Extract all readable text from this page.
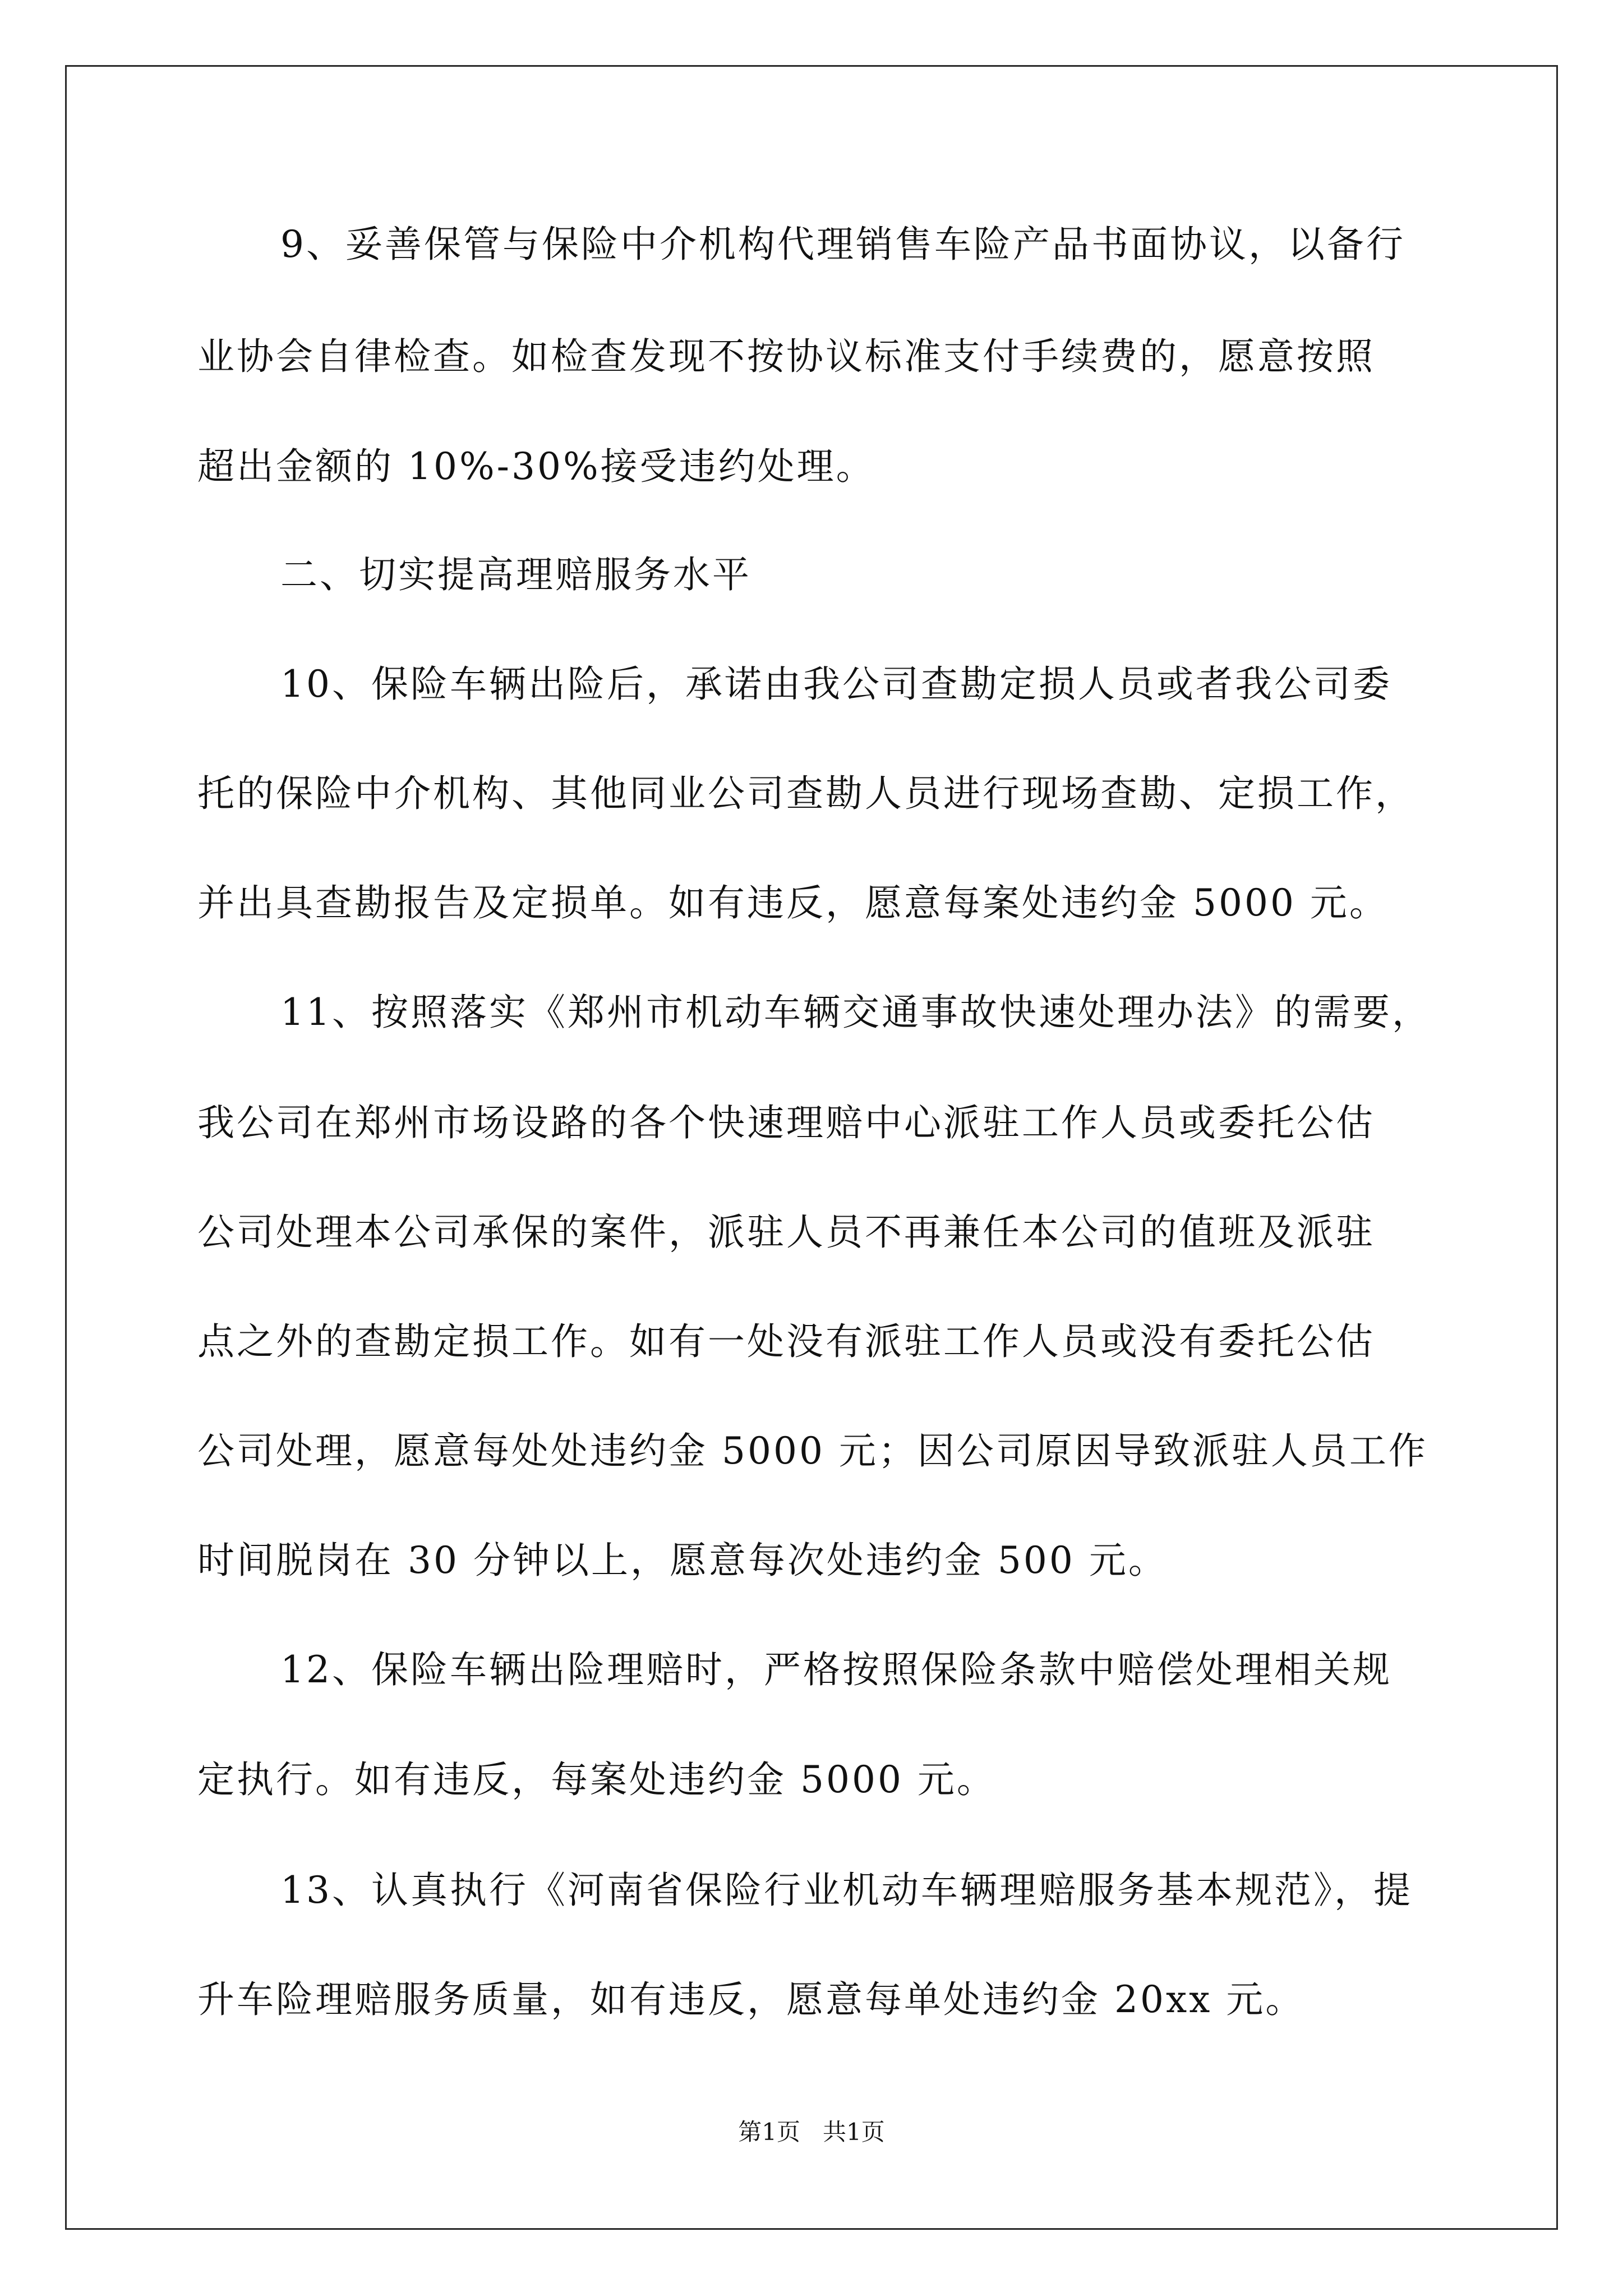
9、妥善保管与保险中介机构代理销售车险产品书面协议，以备行
业协会自律检查。如检查发现不按协议标准支付手续费的，愿意按照
超出金额的 10%-30%接受违约处理。
二、切实提高理赔服务水平
10、保险车辆出险后，承诺由我公司查勘定损人员或者我公司委
托的保险中介机构、其他同业公司查勘人员进行现场查勘、定损工作，
并出具查勘报告及定损单。如有违反，愿意每案处违约金 5000 元。
11、按照落实《郑州市机动车辆交通事故快速处理办法》的需要，
我公司在郑州市场设路的各个快速理赔中心派驻工作人员或委托公估
公司处理本公司承保的案件，派驻人员不再兼任本公司的值班及派驻
点之外的查勘定损工作。如有一处没有派驻工作人员或没有委托公估
公司处理，愿意每处处违约金 5000 元；因公司原因导致派驻人员工作
时间脱岗在 30 分钟以上，愿意每次处违约金 500 元。
12、保险车辆出险理赔时，严格按照保险条款中赔偿处理相关规
定执行。如有违反，每案处违约金 5000 元。
13、认真执行《河南省保险行业机动车辆理赔服务基本规范》，提
升车险理赔服务质量，如有违反，愿意每单处违约金 20xx 元。
第1页   共1页
